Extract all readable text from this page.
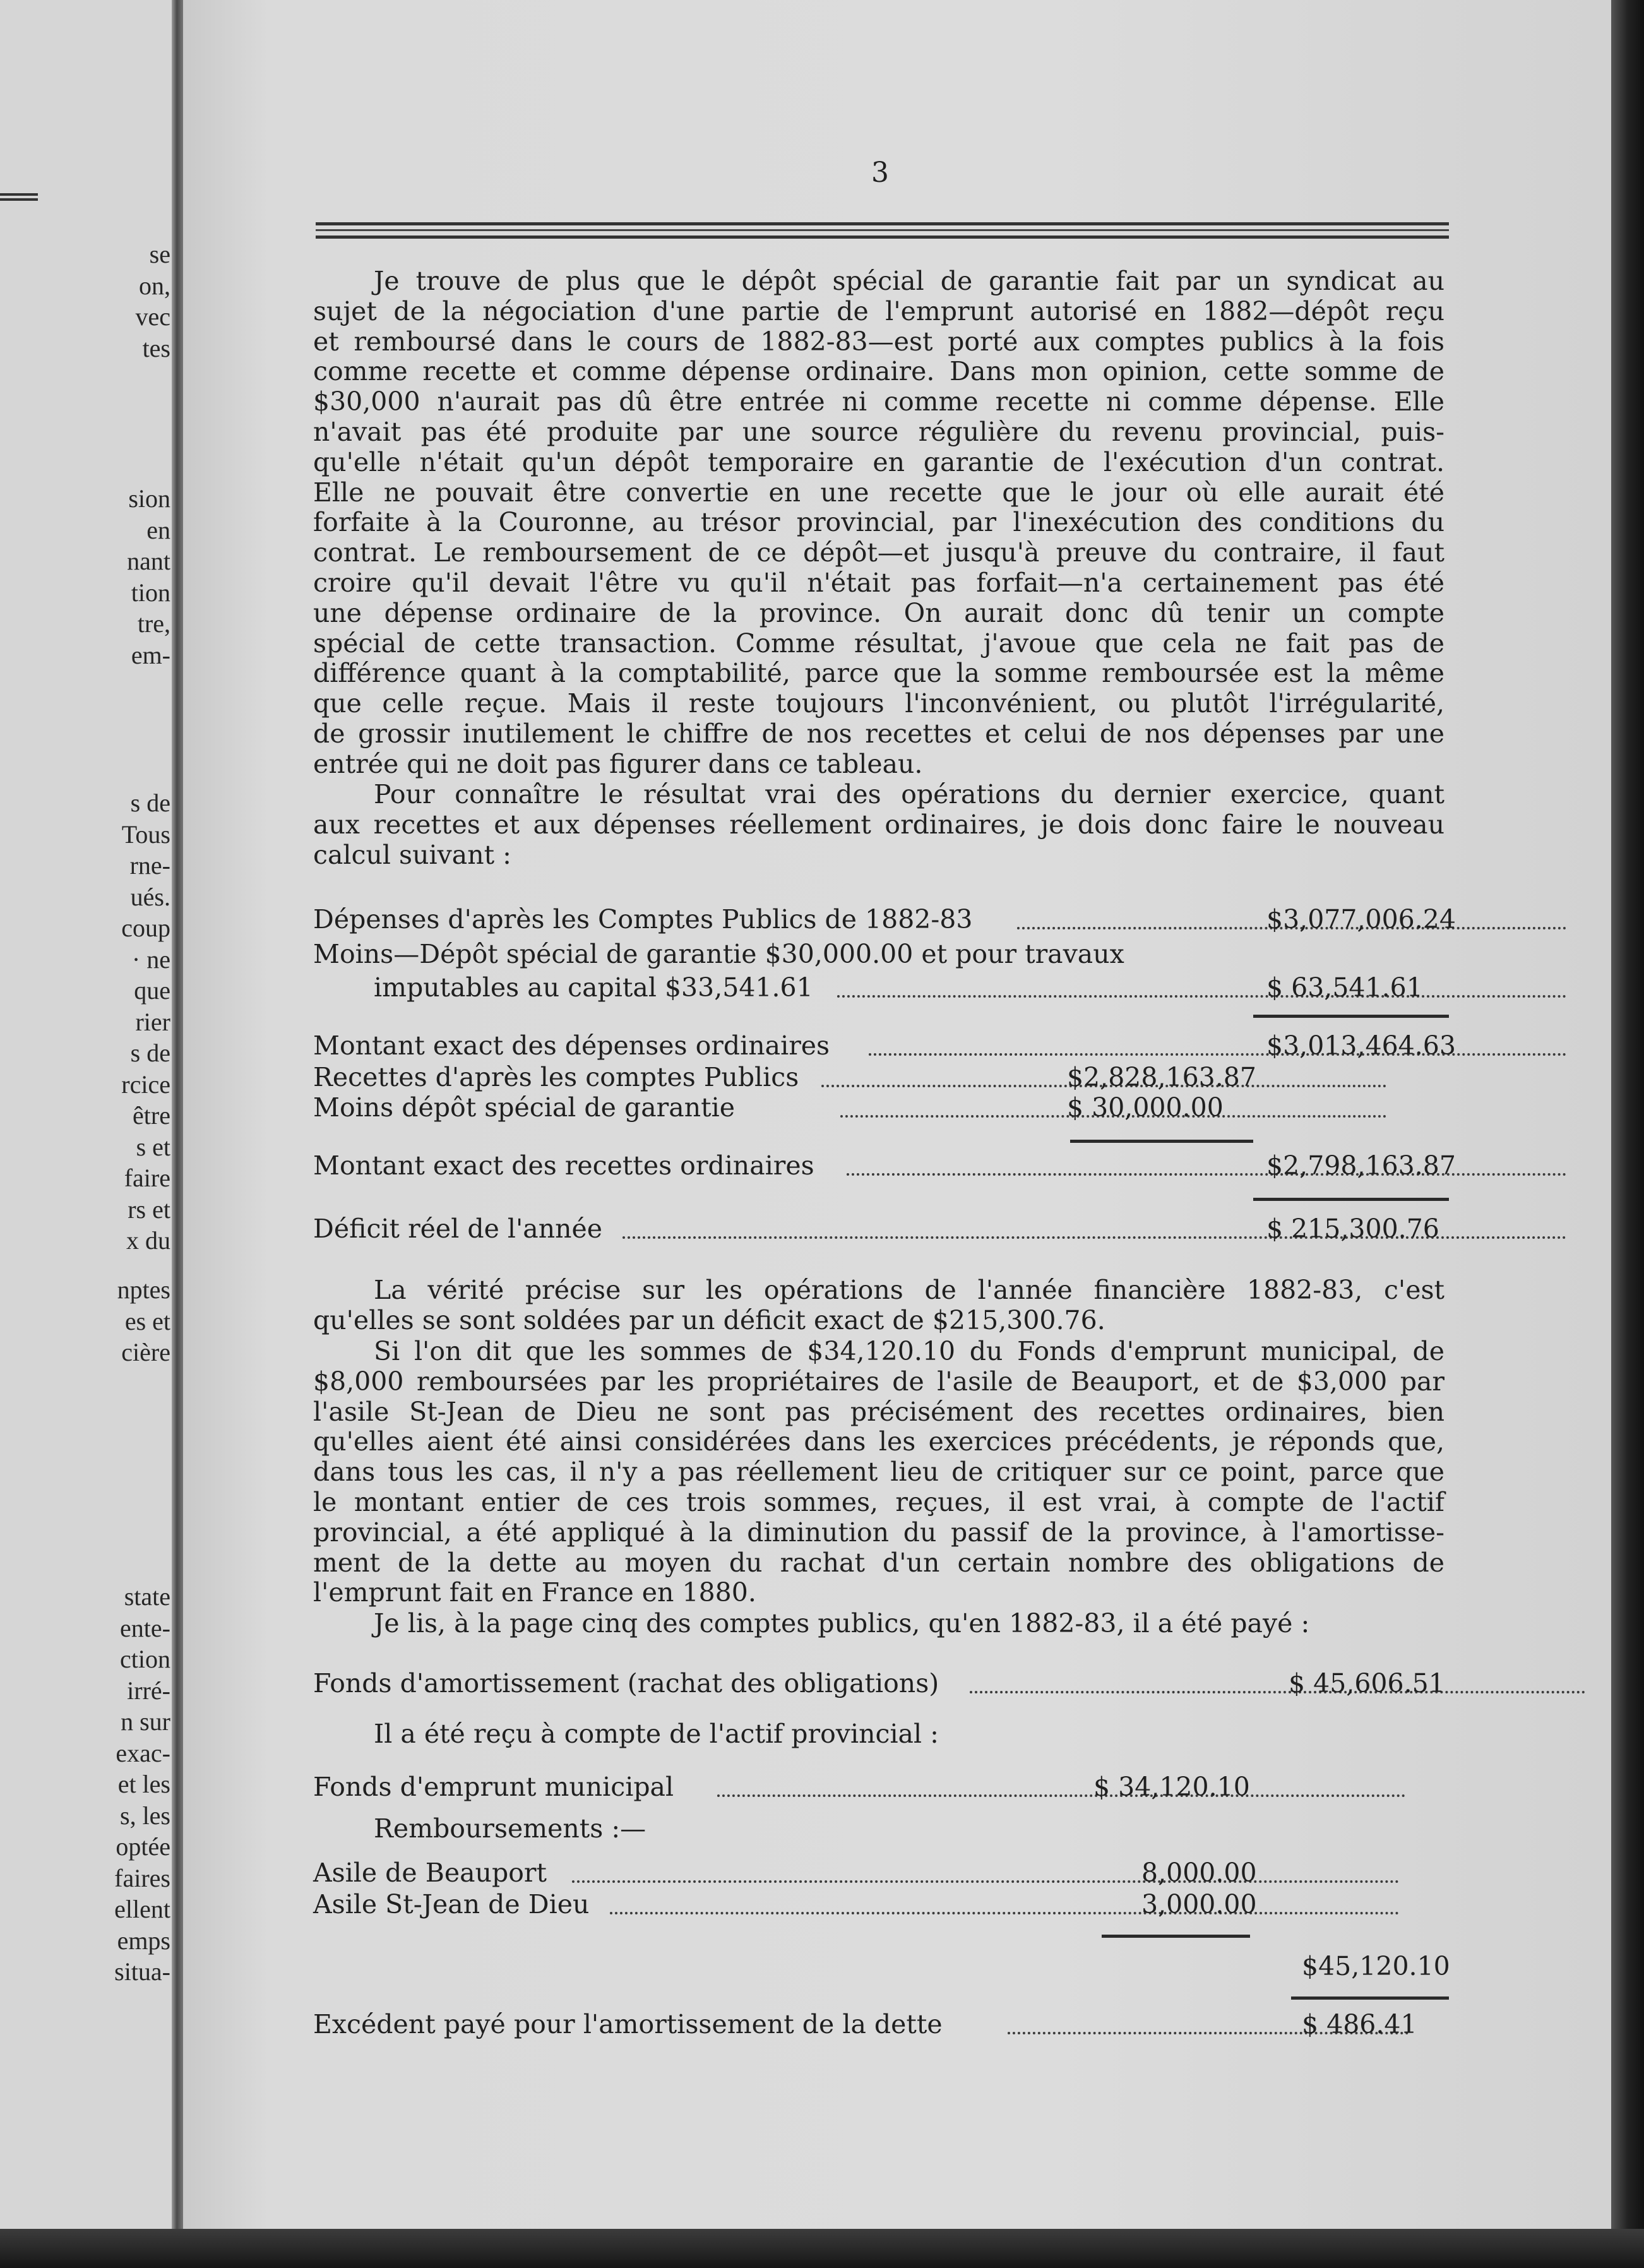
se
on,
vec
tes
sion
en
nant
tion
tre,
em-
s de
Tous
rne-
ués.
coup
· ne
que
rier
s de
rcice
être
s et
faire
rs et
x du
nptes
es et
cière
state
ente-
ction
irré-
n sur
exac-
et les
s, les
optée
faires
ellent
emps
situa-
3
Dépenses d'après les Comptes Publics de 1882-83	$3,077,006.24
Moins—Dépôt spécial de garantie $30,000.00 et pour travaux
imputables au capital $33,541.61	$ 63,541.61
Montant exact des dépenses ordinaires	$3,013,464.63
Recettes d'après les comptes Publics	$2,828,163.87
Moins dépôt spécial de garantie	$ 30,000.00
Montant exact des recettes ordinaires	$2,798,163.87
Déficit réel de l'année	$ 215,300.76
Fonds d'amortissement (rachat des obligations)	$ 45,606.51
Il a été reçu à compte de l'actif provincial :
Fonds d'emprunt municipal	$ 34,120.10
Remboursements :—
Asile de Beauport	8,000.00
Asile St-Jean de Dieu	3,000.00
$45,120.10
Excédent payé pour l'amortissement de la dette	$ 486.41

Je trouve de plus que le dépôt spécial de garantie fait par un syndicat au

sujet de la négociation d'une partie de l'emprunt autorisé en 1882—dépôt reçu

et remboursé dans le cours de 1882-83—est porté aux comptes publics à la fois

comme recette et comme dépense ordinaire. Dans mon opinion, cette somme de

$30,000 n'aurait pas dû être entrée ni comme recette ni comme dépense. Elle

n'avait pas été produite par une source régulière du revenu provincial, puis-

qu'elle n'était qu'un dépôt temporaire en garantie de l'exécution d'un contrat.

Elle ne pouvait être convertie en une recette que le jour où elle aurait été

forfaite à la Couronne, au trésor provincial, par l'inexécution des conditions du

contrat. Le remboursement de ce dépôt—et jusqu'à preuve du contraire, il faut

croire qu'il devait l'être vu qu'il n'était pas forfait—n'a certainement pas été

une dépense ordinaire de la province. On aurait donc dû tenir un compte

spécial de cette transaction. Comme résultat, j'avoue que cela ne fait pas de

différence quant à la comptabilité, parce que la somme remboursée est la même

que celle reçue. Mais il reste toujours l'inconvénient, ou plutôt l'irrégularité,

de grossir inutilement le chiffre de nos recettes et celui de nos dépenses par une

entrée qui ne doit pas figurer dans ce tableau.

Pour connaître le résultat vrai des opérations du dernier exercice, quant

aux recettes et aux dépenses réellement ordinaires, je dois donc faire le nouveau

calcul suivant :

La vérité précise sur les opérations de l'année financière 1882-83, c'est

qu'elles se sont soldées par un déficit exact de $215,300.76.

Si l'on dit que les sommes de $34,120.10 du Fonds d'emprunt municipal, de

$8,000 remboursées par les propriétaires de l'asile de Beauport, et de $3,000 par

l'asile St-Jean de Dieu ne sont pas précisément des recettes ordinaires, bien

qu'elles aient été ainsi considérées dans les exercices précédents, je réponds que,

dans tous les cas, il n'y a pas réellement lieu de critiquer sur ce point, parce que

le montant entier de ces trois sommes, reçues, il est vrai, à compte de l'actif

provincial, a été appliqué à la diminution du passif de la province, à l'amortisse-

ment de la dette au moyen du rachat d'un certain nombre des obligations de

l'emprunt fait en France en 1880.

Je lis, à la page cinq des comptes publics, qu'en 1882-83, il a été payé :
